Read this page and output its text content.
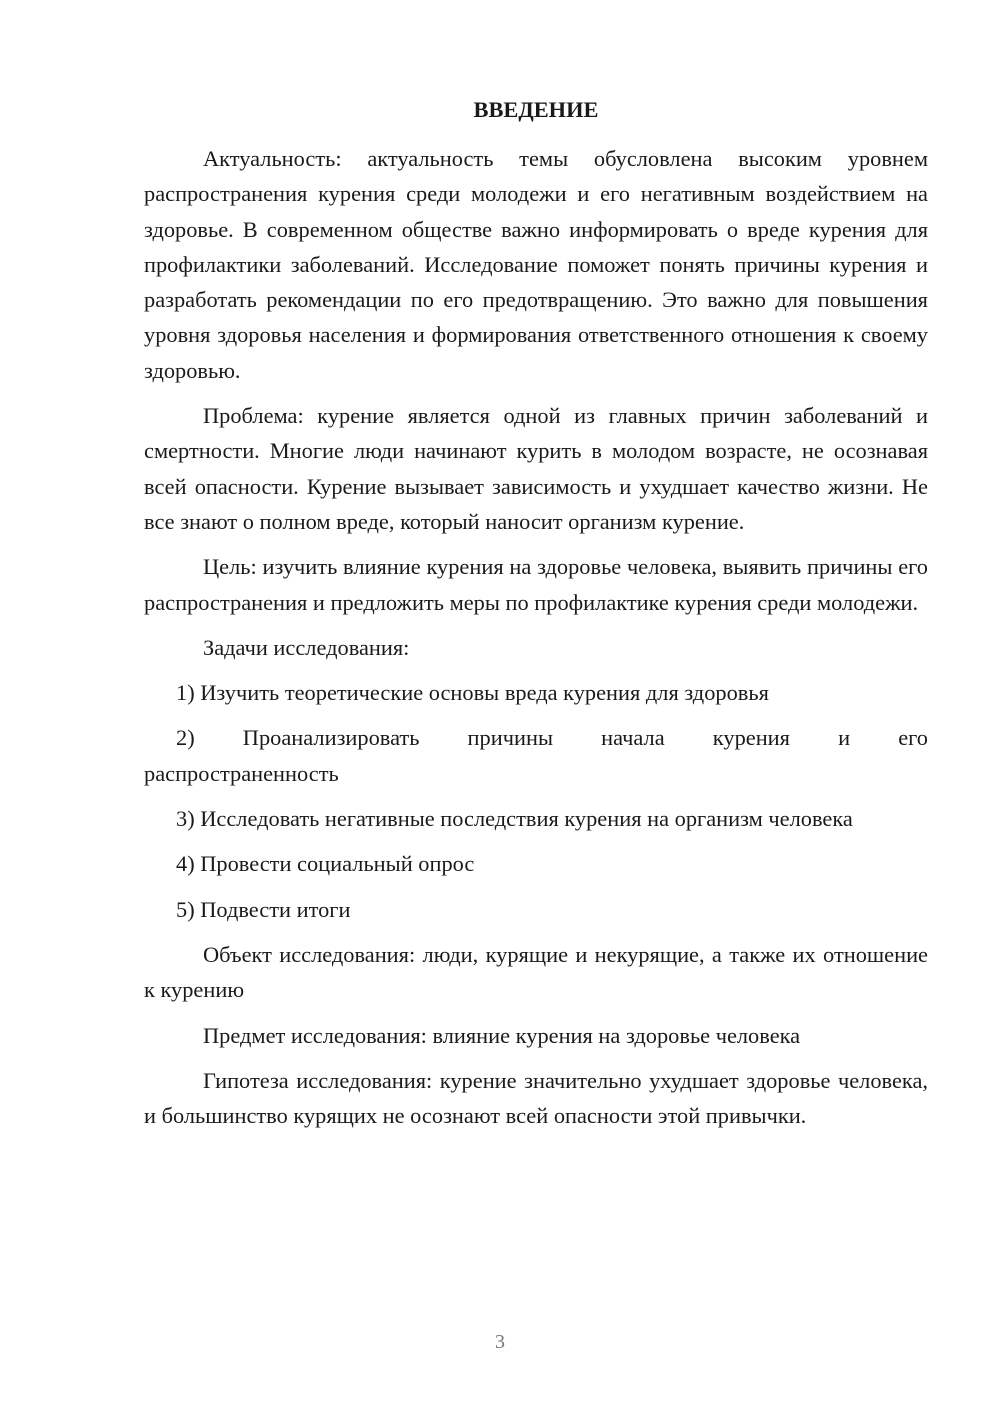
ВВЕДЕНИЕ

Актуальность: актуальность темы обусловлена высоким уровнем распространения курения среди молодежи и его негативным воздействием на здоровье. В современном обществе важно информировать о вреде курения для профилактики заболеваний. Исследование поможет понять причины курения и разработать рекомендации по его предотвращению. Это важно для повышения уровня здоровья населения и формирования ответственного отношения к своему здоровью.

Проблема: курение является одной из главных причин заболеваний и смертности. Многие люди начинают курить в молодом возрасте, не осознавая всей опасности. Курение вызывает зависимость и ухудшает качество жизни. Не все знают о полном вреде, который наносит организм курение.

Цель: изучить влияние курения на здоровье человека, выявить причины его распространения и предложить меры по профилактике курения среди молодежи.

Задачи исследования:

1) Изучить теоретические основы вреда курения для здоровья

2) Проанализировать причины начала курения и его

распространенность

3) Исследовать негативные последствия курения на организм человека

4) Провести социальный опрос

5) Подвести итоги

Объект исследования: люди, курящие и некурящие, а также их отношение к курению

Предмет исследования: влияние курения на здоровье человека

Гипотеза исследования: курение значительно ухудшает здоровье человека, и большинство курящих не осознают всей опасности этой привычки.

3
